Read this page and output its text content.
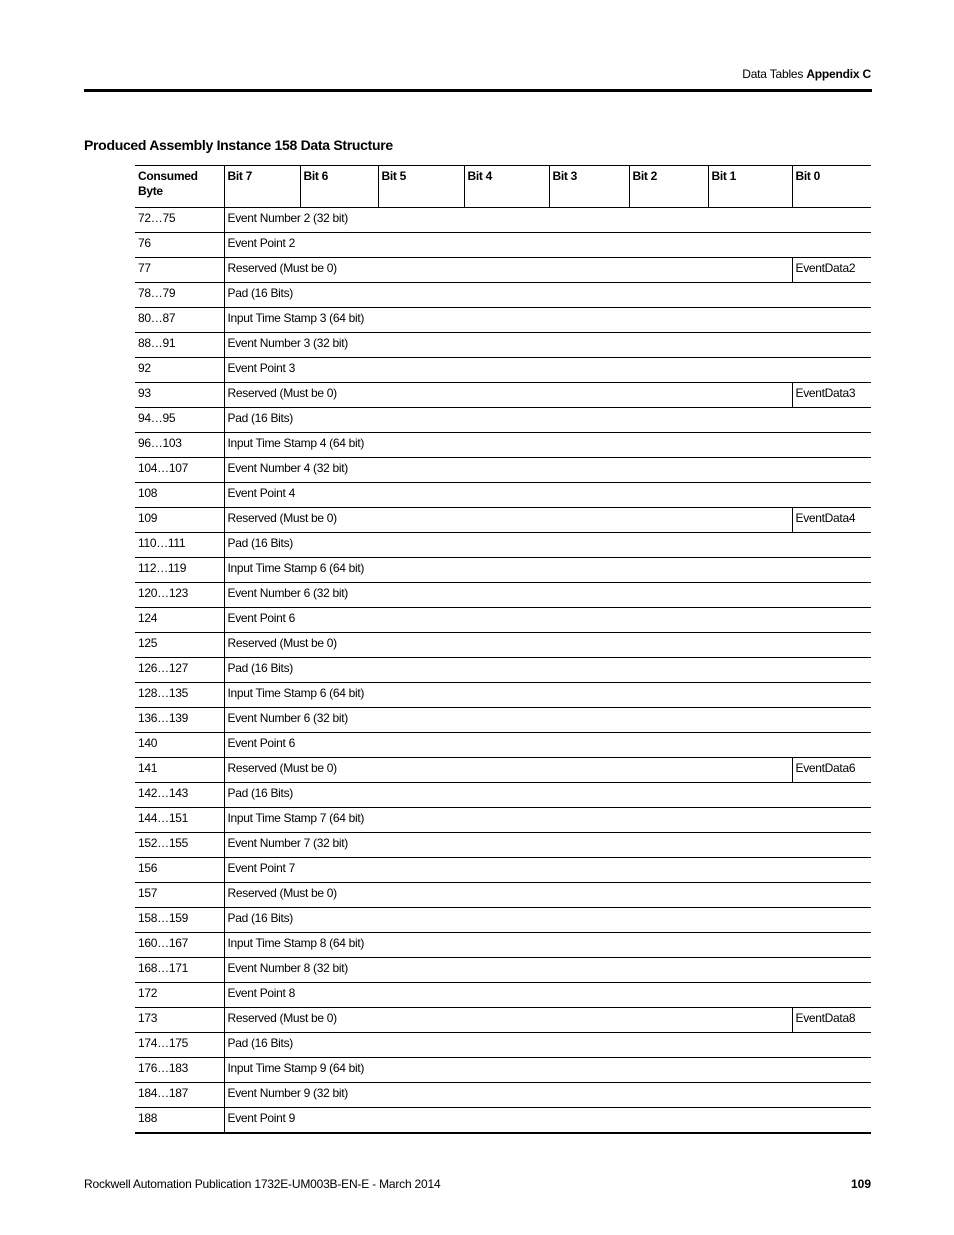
Data Tables Appendix C
Produced Assembly Instance 158 Data Structure
Consumed
Byte	Bit 7	Bit 6	Bit 5	Bit 4	Bit 3	Bit 2	Bit 1	Bit 0
72…75	Event Number 2 (32 bit)							
76	Event Point 2							
77	Reserved (Must be 0)							EventData2
78…79	Pad (16 Bits)							
80…87	Input Time Stamp 3 (64 bit)							
88…91	Event Number 3 (32 bit)							
92	Event Point 3							
93	Reserved (Must be 0)							EventData3
94…95	Pad (16 Bits)							
96…103	Input Time Stamp 4 (64 bit)							
104…107	Event Number 4 (32 bit)							
108	Event Point 4							
109	Reserved (Must be 0)							EventData4
110…111	Pad (16 Bits)							
112…119	Input Time Stamp 6 (64 bit)							
120…123	Event Number 6 (32 bit)							
124	Event Point 6							
125	Reserved (Must be 0)							
126…127	Pad (16 Bits)							
128…135	Input Time Stamp 6 (64 bit)							
136…139	Event Number 6 (32 bit)							
140	Event Point 6							
141	Reserved (Must be 0)							EventData6
142…143	Pad (16 Bits)							
144…151	Input Time Stamp 7 (64 bit)							
152…155	Event Number 7 (32 bit)							
156	Event Point 7							
157	Reserved (Must be 0)							
158…159	Pad (16 Bits)							
160…167	Input Time Stamp 8 (64 bit)							
168…171	Event Number 8 (32 bit)							
172	Event Point 8							
173	Reserved (Must be 0)							EventData8
174…175	Pad (16 Bits)							
176…183	Input Time Stamp 9 (64 bit)							
184…187	Event Number 9 (32 bit)							
188	Event Point 9							
Rockwell Automation Publication 1732E-UM003B-EN-E - March 2014	109
